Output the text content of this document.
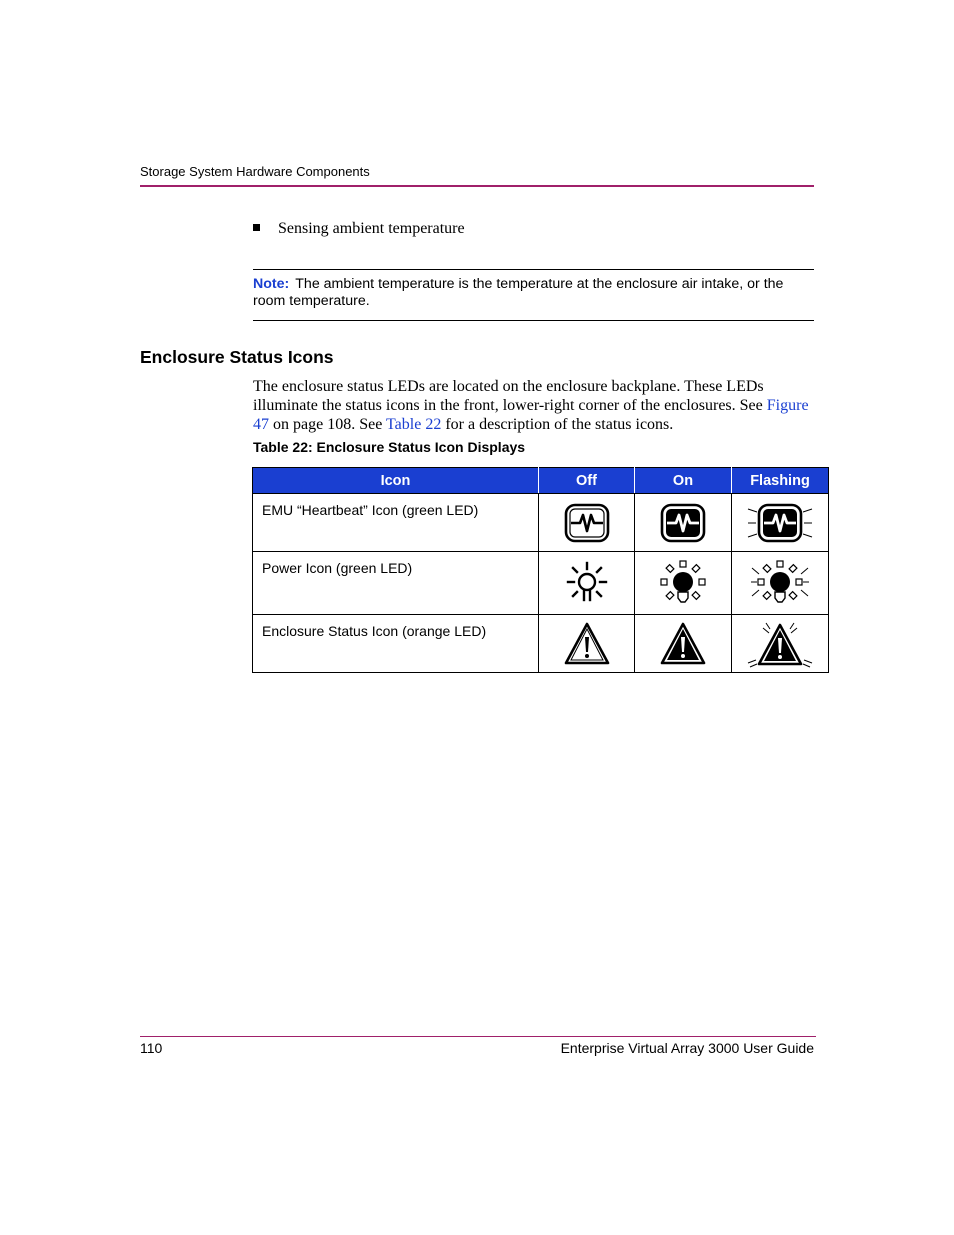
Storage System Hardware Components
Sensing ambient temperature
Note: The ambient temperature is the temperature at the enclosure air intake, or the room temperature.
Enclosure Status Icons
The enclosure status LEDs are located on the enclosure backplane. These LEDs illuminate the status icons in the front, lower-right corner of the enclosures. See Figure 47 on page 108. See Table 22 for a description of the status icons.
Table 22: Enclosure Status Icon Displays
Icon	Off	On	Flashing
EMU “Heartbeat” Icon (green LED)	

Power Icon (green LED)	

Enclosure Status Icon (orange LED)	

110	Enterprise Virtual Array 3000 User Guide
